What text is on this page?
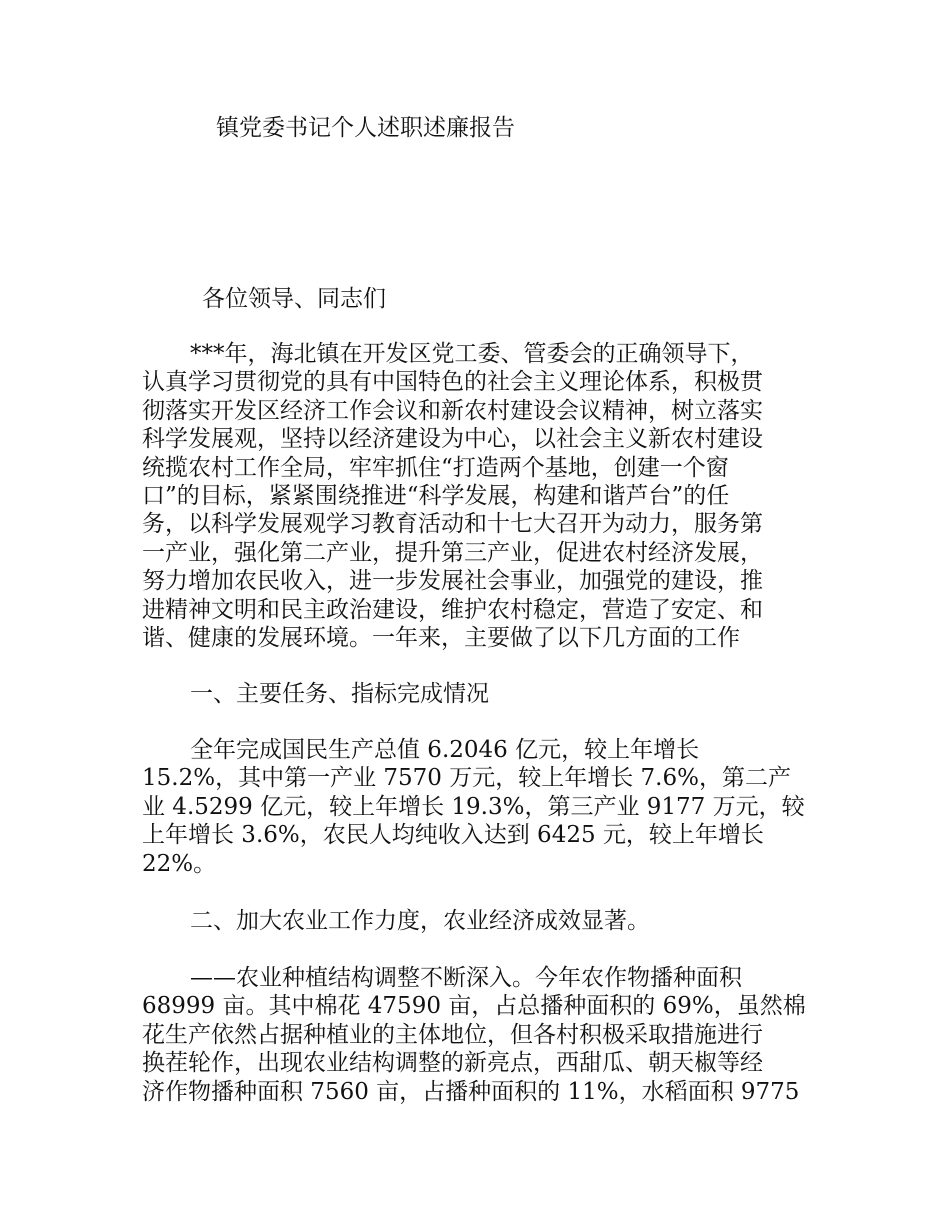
镇党委书记个人述职述廉报告

各位领导、同志们

***年，海北镇在开发区党工委、管委会的正确领导下，
认真学习贯彻党的具有中国特色的社会主义理论体系，积极贯
彻落实开发区经济工作会议和新农村建设会议精神，树立落实
科学发展观，坚持以经济建设为中心，以社会主义新农村建设
统揽农村工作全局，牢牢抓住“打造两个基地，创建一个窗
口”的目标，紧紧围绕推进“科学发展，构建和谐芦台”的任
务，以科学发展观学习教育活动和十七大召开为动力，服务第
一产业，强化第二产业，提升第三产业，促进农村经济发展，
努力增加农民收入，进一步发展社会事业，加强党的建设，推
进精神文明和民主政治建设，维护农村稳定，营造了安定、和
谐、健康的发展环境。一年来，主要做了以下几方面的工作

一、主要任务、指标完成情况

全年完成国民生产总值 6.2046 亿元，较上年增长
15.2%，其中第一产业 7570 万元，较上年增长 7.6%，第二产
业 4.5299 亿元，较上年增长 19.3%，第三产业 9177 万元，较
上年增长 3.6%，农民人均纯收入达到 6425 元，较上年增长
22%。

二、加大农业工作力度，农业经济成效显著。

——农业种植结构调整不断深入。今年农作物播种面积
68999 亩。其中棉花 47590 亩，占总播种面积的 69%，虽然棉
花生产依然占据种植业的主体地位，但各村积极采取措施进行
换茬轮作，出现农业结构调整的新亮点，西甜瓜、朝天椒等经
济作物播种面积 7560 亩，占播种面积的 11%，水稻面积 9775
